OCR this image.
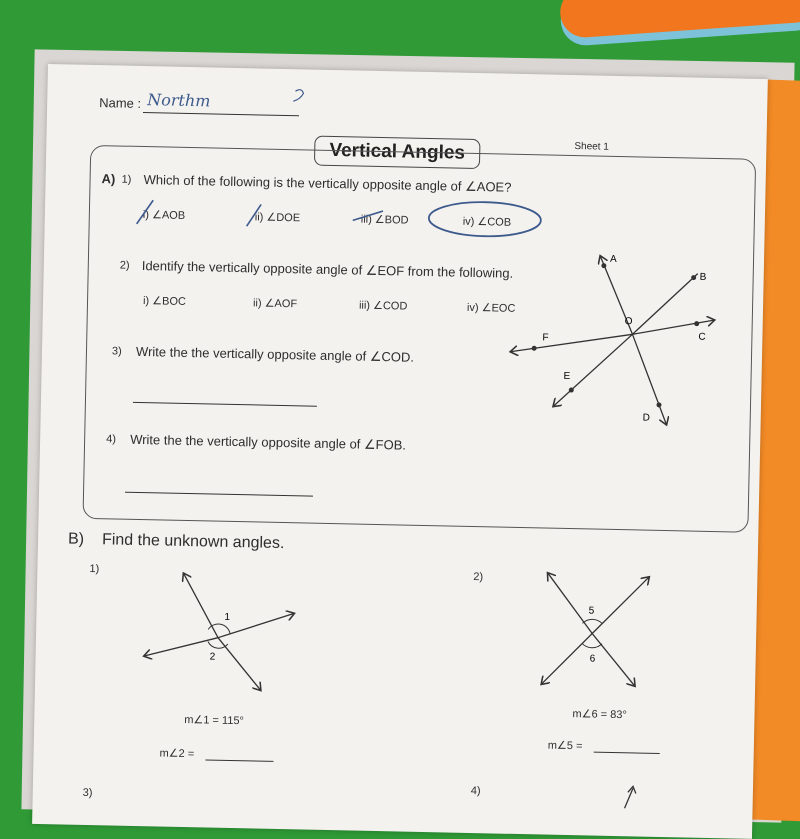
Name : Northm
Vertical Angles	Sheet 1
A) 1) Which of the following is the vertically opposite angle of ∠AOE?
i) ∠AOB	ii) ∠DOE	iii) ∠BOD	iv) ∠COB
2) Identify the vertically opposite angle of ∠EOF from the following.
i) ∠BOC	ii) ∠AOF	iii) ∠COD	iv) ∠EOC
3) Write the the vertically opposite angle of ∠COD.
4) Write the the vertically opposite angle of ∠FOB.
A
B
C
D
E
F
O
B) Find the unknown angles.
1)
1
2
m∠1 = 115°
m∠2 =
2)
5
6
m∠6 = 83°
m∠5 =
3)	4)
